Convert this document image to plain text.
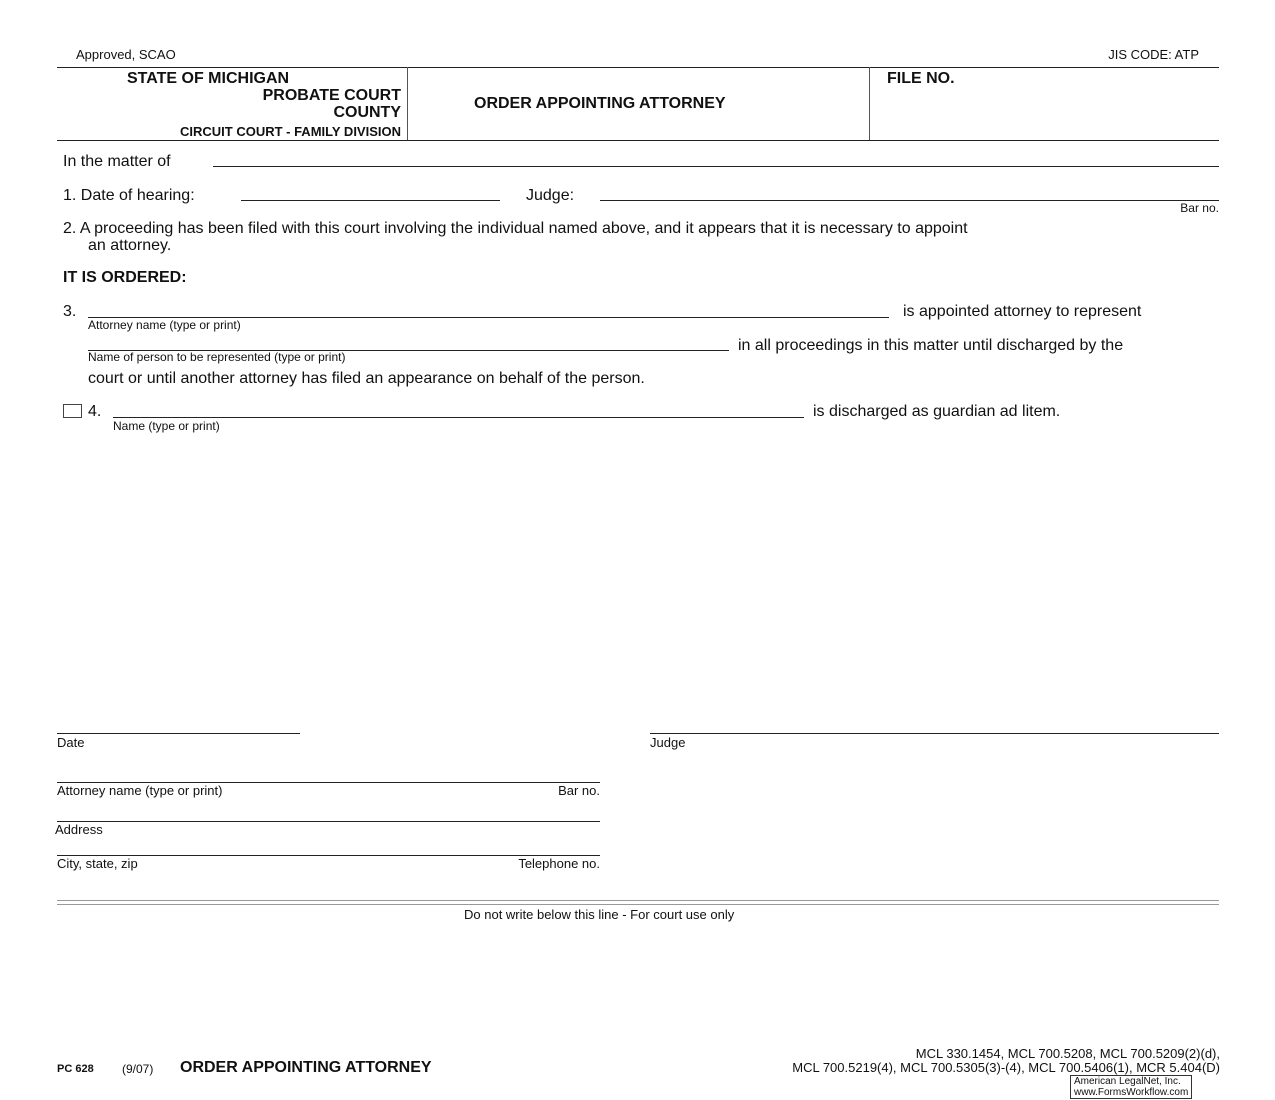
Approved, SCAO	JIS CODE: ATP
STATE OF MICHIGAN
PROBATE COURT
COUNTY
CIRCUIT COURT - FAMILY DIVISION
ORDER APPOINTING ATTORNEY
FILE NO.
In the matter of
1. Date of hearing:	Judge:
Bar no.
2. A proceeding has been filed with this court involving the individual named above, and it appears that it is necessary to appoint
an attorney.
IT IS ORDERED:
3.	is appointed attorney to represent
Attorney name (type or print)
in all proceedings in this matter until discharged by the
Name of person to be represented (type or print)
court or until another attorney has filed an appearance on behalf of the person.
4.	is discharged as guardian ad litem.
Name (type or print)
Date	Judge
Attorney name (type or print)	Bar no.
Address
City, state, zip	Telephone no.
Do not write below this line - For court use only
PC 628 (9/07) ORDER APPOINTING ATTORNEY
MCL 330.1454, MCL 700.5208, MCL 700.5209(2)(d),
MCL 700.5219(4), MCL 700.5305(3)-(4), MCL 700.5406(1), MCR 5.404(D)
American LegalNet, Inc.
www.FormsWorkflow.com
